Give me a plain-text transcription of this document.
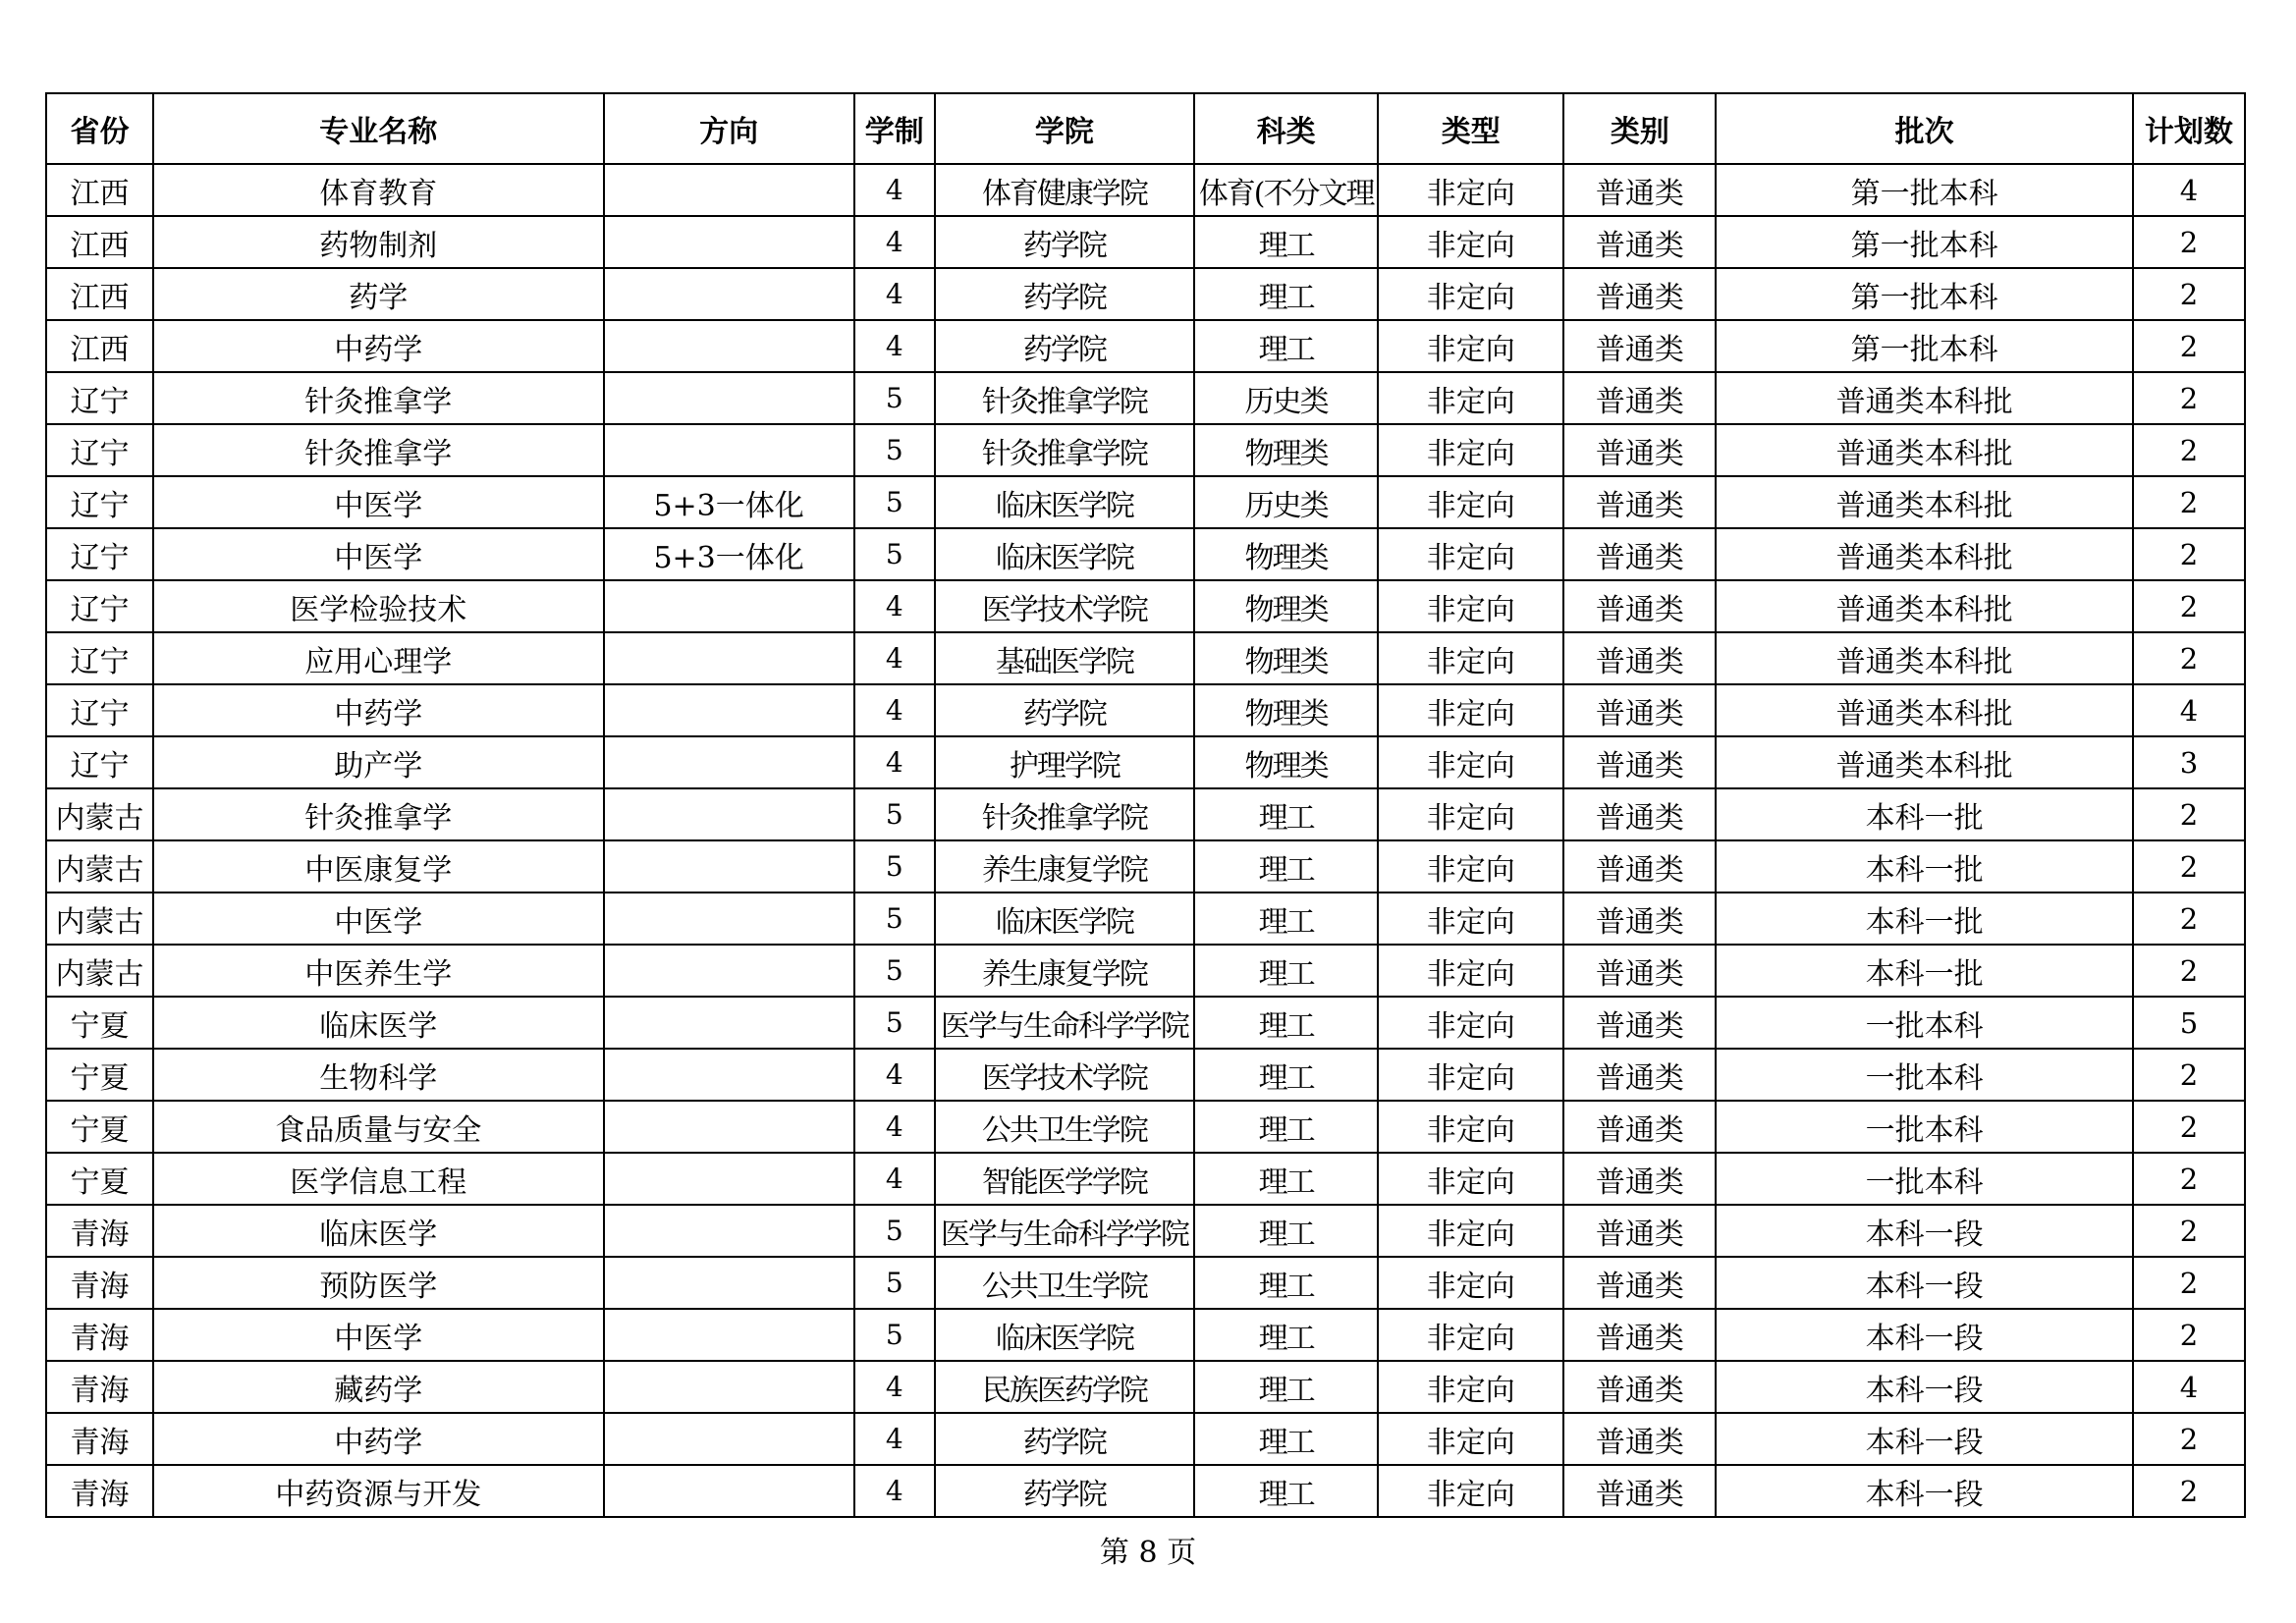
省份	专业名称	方向	学制	学院	科类	类型	类别	批次	计划数
江西	体育教育		4	体育健康学院	体育(不分文理	非定向	普通类	第一批本科	4
江西	药物制剂		4	药学院	理工	非定向	普通类	第一批本科	2
江西	药学		4	药学院	理工	非定向	普通类	第一批本科	2
江西	中药学		4	药学院	理工	非定向	普通类	第一批本科	2
辽宁	针灸推拿学		5	针灸推拿学院	历史类	非定向	普通类	普通类本科批	2
辽宁	针灸推拿学		5	针灸推拿学院	物理类	非定向	普通类	普通类本科批	2
辽宁	中医学	5+3一体化	5	临床医学院	历史类	非定向	普通类	普通类本科批	2
辽宁	中医学	5+3一体化	5	临床医学院	物理类	非定向	普通类	普通类本科批	2
辽宁	医学检验技术		4	医学技术学院	物理类	非定向	普通类	普通类本科批	2
辽宁	应用心理学		4	基础医学院	物理类	非定向	普通类	普通类本科批	2
辽宁	中药学		4	药学院	物理类	非定向	普通类	普通类本科批	4
辽宁	助产学		4	护理学院	物理类	非定向	普通类	普通类本科批	3
内蒙古	针灸推拿学		5	针灸推拿学院	理工	非定向	普通类	本科一批	2
内蒙古	中医康复学		5	养生康复学院	理工	非定向	普通类	本科一批	2
内蒙古	中医学		5	临床医学院	理工	非定向	普通类	本科一批	2
内蒙古	中医养生学		5	养生康复学院	理工	非定向	普通类	本科一批	2
宁夏	临床医学		5	医学与生命科学学院	理工	非定向	普通类	一批本科	5
宁夏	生物科学		4	医学技术学院	理工	非定向	普通类	一批本科	2
宁夏	食品质量与安全		4	公共卫生学院	理工	非定向	普通类	一批本科	2
宁夏	医学信息工程		4	智能医学学院	理工	非定向	普通类	一批本科	2
青海	临床医学		5	医学与生命科学学院	理工	非定向	普通类	本科一段	2
青海	预防医学		5	公共卫生学院	理工	非定向	普通类	本科一段	2
青海	中医学		5	临床医学院	理工	非定向	普通类	本科一段	2
青海	藏药学		4	民族医药学院	理工	非定向	普通类	本科一段	4
青海	中药学		4	药学院	理工	非定向	普通类	本科一段	2
青海	中药资源与开发		4	药学院	理工	非定向	普通类	本科一段	2
第 8 页
